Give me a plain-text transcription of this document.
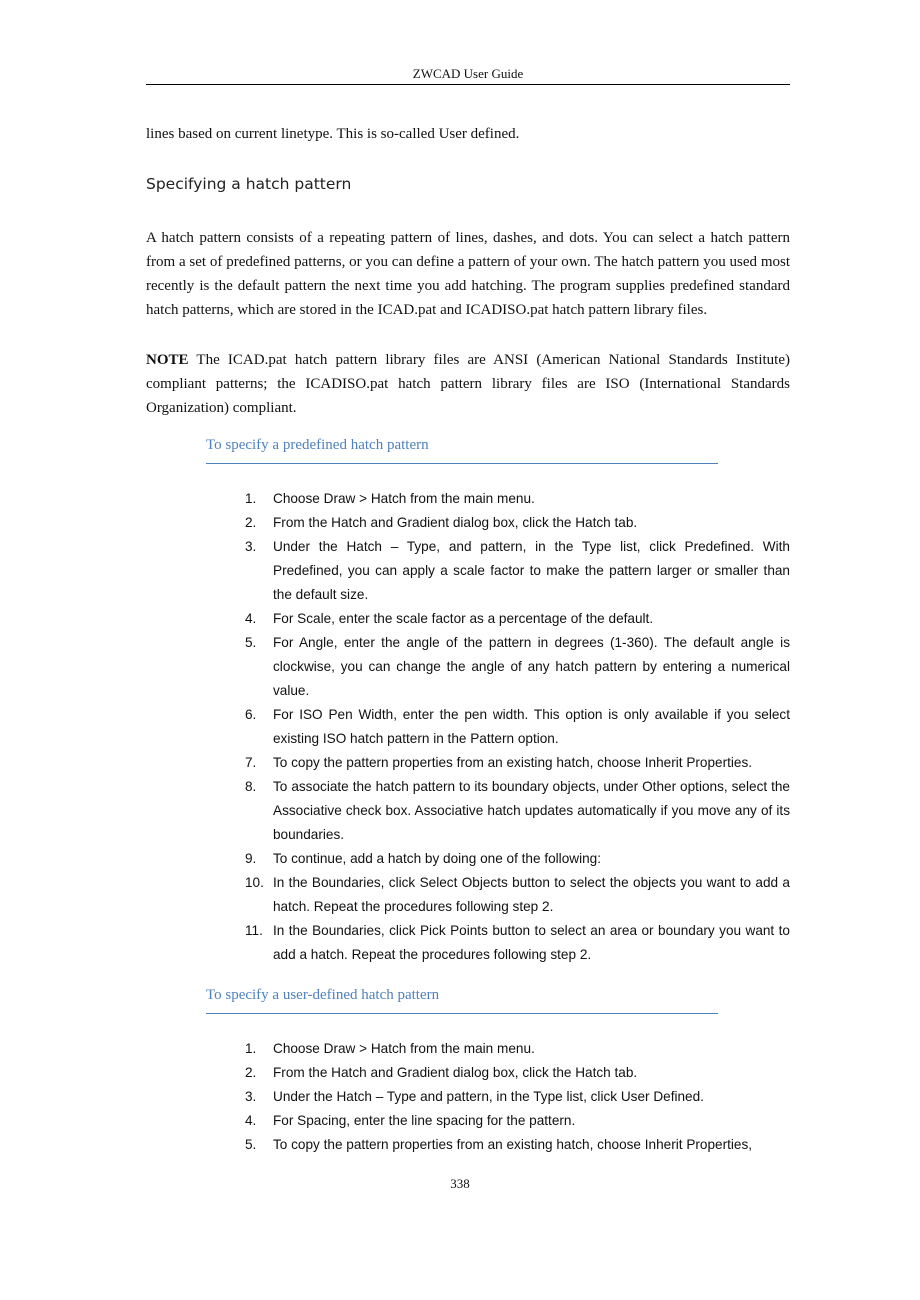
ZWCAD User Guide
lines based on current linetype. This is so-called User defined.
Specifying a hatch pattern
A hatch pattern consists of a repeating pattern of lines, dashes, and dots. You can select a hatch pattern from a set of predefined patterns, or you can define a pattern of your own. The hatch pattern you used most recently is the default pattern the next time you add hatching. The program supplies predefined standard hatch patterns, which are stored in the ICAD.pat and ICADISO.pat hatch pattern library files.
NOTE The ICAD.pat hatch pattern library files are ANSI (American National Standards Institute) compliant patterns; the ICADISO.pat hatch pattern library files are ISO (International Standards Organization) compliant.
To specify a predefined hatch pattern
1. Choose Draw > Hatch from the main menu.
2. From the Hatch and Gradient dialog box, click the Hatch tab.
3. Under the Hatch – Type, and pattern, in the Type list, click Predefined. With Predefined, you can apply a scale factor to make the pattern larger or smaller than the default size.
4. For Scale, enter the scale factor as a percentage of the default.
5. For Angle, enter the angle of the pattern in degrees (1-360). The default angle is clockwise, you can change the angle of any hatch pattern by entering a numerical value.
6. For ISO Pen Width, enter the pen width. This option is only available if you select existing ISO hatch pattern in the Pattern option.
7. To copy the pattern properties from an existing hatch, choose Inherit Properties.
8. To associate the hatch pattern to its boundary objects, under Other options, select the Associative check box. Associative hatch updates automatically if you move any of its boundaries.
9. To continue, add a hatch by doing one of the following:
10. In the Boundaries, click Select Objects button to select the objects you want to add a hatch. Repeat the procedures following step 2.
11. In the Boundaries, click Pick Points button to select an area or boundary you want to add a hatch. Repeat the procedures following step 2.
To specify a user-defined hatch pattern
1. Choose Draw > Hatch from the main menu.
2. From the Hatch and Gradient dialog box, click the Hatch tab.
3. Under the Hatch – Type and pattern, in the Type list, click User Defined.
4. For Spacing, enter the line spacing for the pattern.
5. To copy the pattern properties from an existing hatch, choose Inherit Properties,
338
